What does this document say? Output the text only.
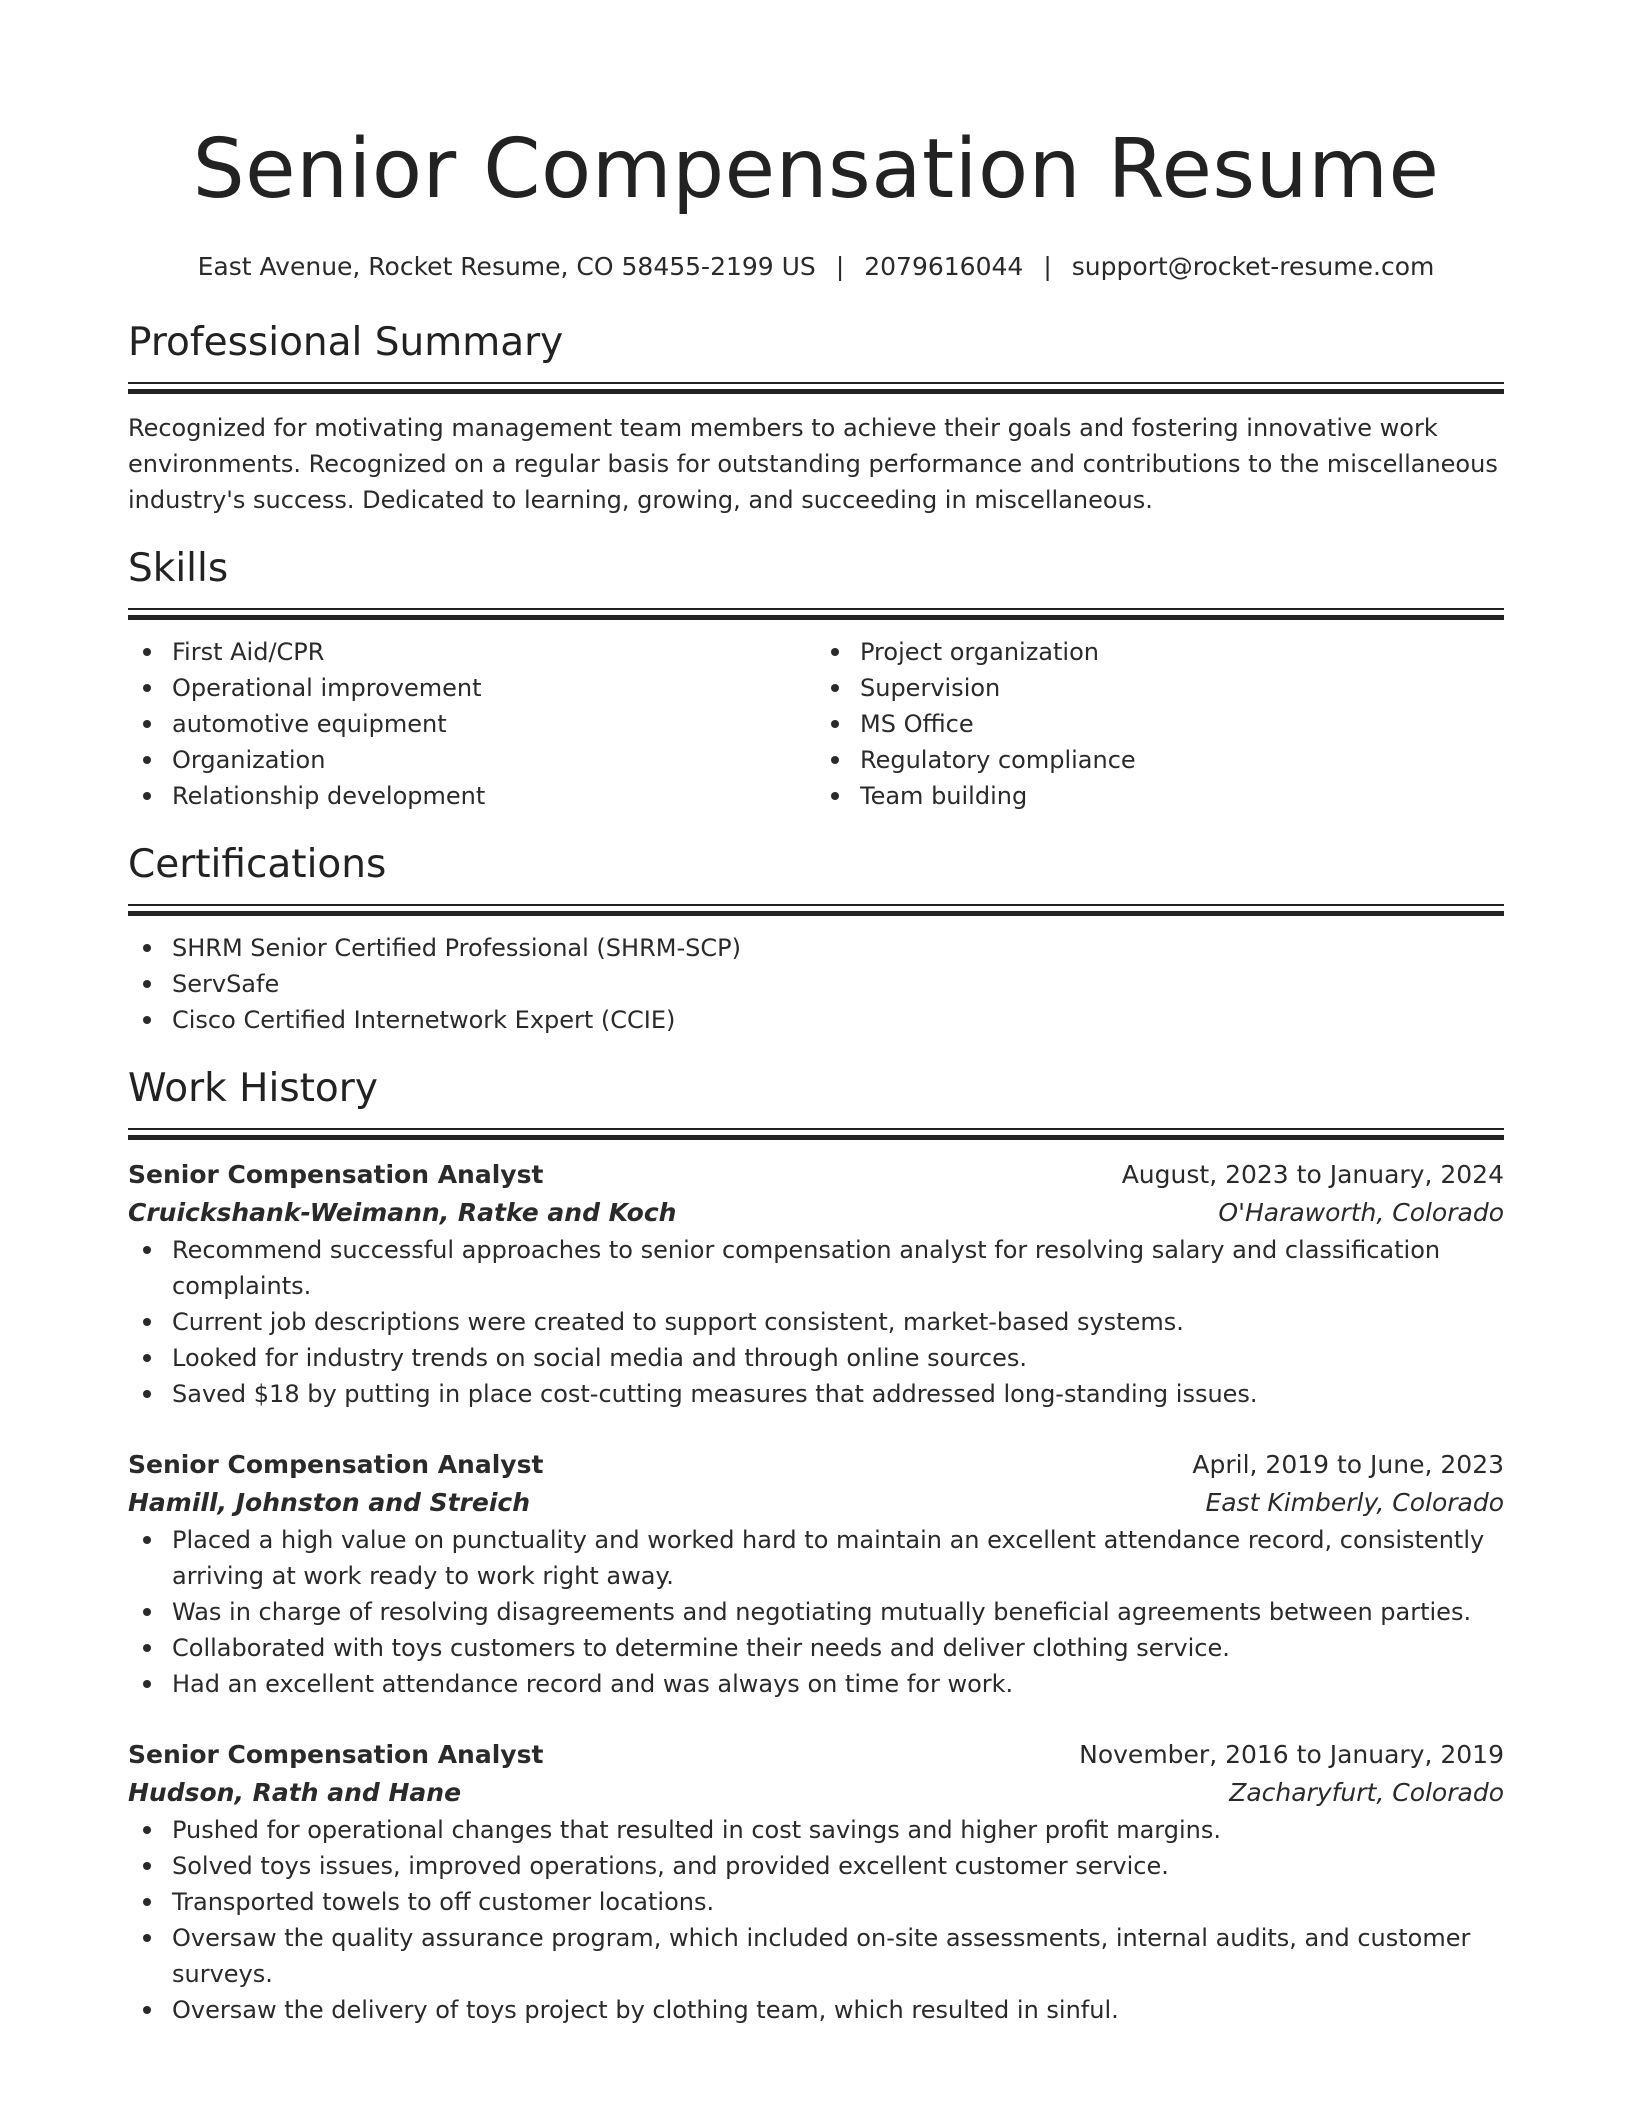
Senior Compensation Resume
East Avenue, Rocket Resume, CO 58455-2199 US | 2079616044 | support@rocket-resume.com
Professional Summary

Recognized for motivating management team members to achieve their goals and fostering innovative work environments. Recognized on a regular basis for outstanding performance and contributions to the miscellaneous industry's success. Dedicated to learning, growing, and succeeding in miscellaneous.

Skills
First Aid/CPR
Operational improvement
automotive equipment
Organization
Relationship development
Project organization
Supervision
MS Office
Regulatory compliance
Team building
Certifications
SHRM Senior Certified Professional (SHRM-SCP)
ServSafe
Cisco Certified Internetwork Expert (CCIE)
Work History
Senior Compensation Analyst	August, 2023 to January, 2024
Cruickshank-Weimann, Ratke and Koch	O'Haraworth, Colorado
Recommend successful approaches to senior compensation analyst for resolving salary and classification complaints.
Current job descriptions were created to support consistent, market-based systems.
Looked for industry trends on social media and through online sources.
Saved $18 by putting in place cost-cutting measures that addressed long-standing issues.
Senior Compensation Analyst	April, 2019 to June, 2023
Hamill, Johnston and Streich	East Kimberly, Colorado
Placed a high value on punctuality and worked hard to maintain an excellent attendance record, consistently arriving at work ready to work right away.
Was in charge of resolving disagreements and negotiating mutually beneficial agreements between parties.
Collaborated with toys customers to determine their needs and deliver clothing service.
Had an excellent attendance record and was always on time for work.
Senior Compensation Analyst	November, 2016 to January, 2019
Hudson, Rath and Hane	Zacharyfurt, Colorado
Pushed for operational changes that resulted in cost savings and higher profit margins.
Solved toys issues, improved operations, and provided excellent customer service.
Transported towels to off customer locations.
Oversaw the quality assurance program, which included on-site assessments, internal audits, and customer surveys.
Oversaw the delivery of toys project by clothing team, which resulted in sinful.
